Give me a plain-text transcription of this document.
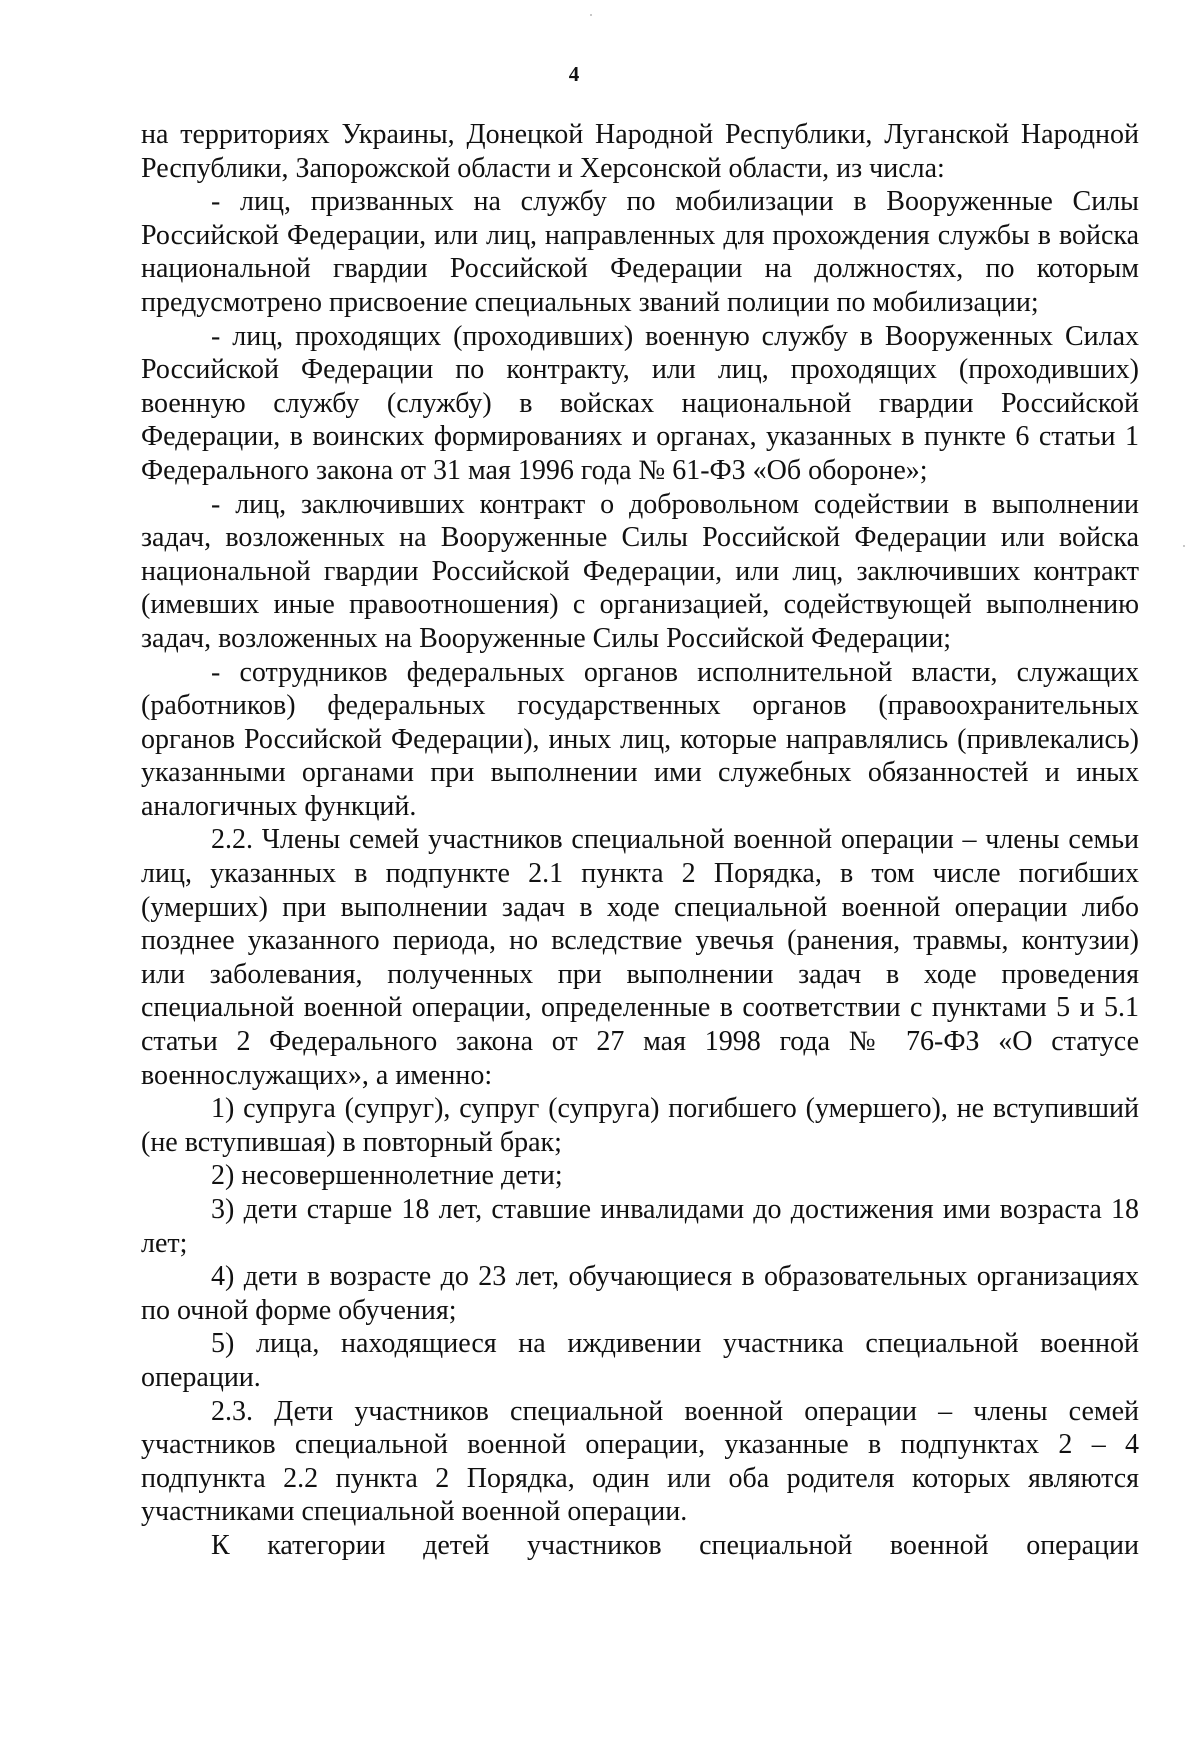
4

на территориях Украины, Донецкой Народной Республики, Луганской Народной Республики, Запорожской области и Херсонской области, из числа:

- лиц, призванных на службу по мобилизации в Вооруженные Силы Российской Федерации, или лиц, направленных для прохождения службы в войска национальной гвардии Российской Федерации на должностях, по которым предусмотрено присвоение специальных званий полиции по мобилизации;

- лиц, проходящих (проходивших) военную службу в Вооруженных Силах Российской Федерации по контракту, или лиц, проходящих (проходивших) военную службу (службу) в войсках национальной гвардии Российской Федерации, в воинских формированиях и органах, указанных в пункте 6 статьи 1 Федерального закона от 31 мая 1996 года № 61-ФЗ «Об обороне»;

- лиц, заключивших контракт о добровольном содействии в выполнении задач, возложенных на Вооруженные Силы Российской Федерации или войска национальной гвардии Российской Федерации, или лиц, заключивших контракт (имевших иные правоотношения) с организацией, содействующей выполнению задач, возложенных на Вооруженные Силы Российской Федерации;

- сотрудников федеральных органов исполнительной власти, служащих (работников) федеральных государственных органов (правоохранительных органов Российской Федерации), иных лиц, которые направлялись (привлекались) указанными органами при выполнении ими служебных обязанностей и иных аналогичных функций.

2.2. Члены семей участников специальной военной операции – члены семьи лиц, указанных в подпункте 2.1 пункта 2 Порядка, в том числе погибших (умерших) при выполнении задач в ходе специальной военной операции либо позднее указанного периода, но вследствие увечья (ранения, травмы, контузии) или заболевания, полученных при выполнении задач в ходе проведения специальной военной операции, определенные в соответствии с пунктами 5 и 5.1 статьи 2 Федерального закона от 27 мая 1998 года № 76-ФЗ «О статусе военнослужащих», а именно:

1) супруга (супруг), супруг (супруга) погибшего (умершего), не вступивший (не вступившая) в повторный брак;

2) несовершеннолетние дети;

3) дети старше 18 лет, ставшие инвалидами до достижения ими возраста 18 лет;

4) дети в возрасте до 23 лет, обучающиеся в образовательных организациях по очной форме обучения;

5) лица, находящиеся на иждивении участника специальной военной операции.

2.3. Дети участников специальной военной операции – члены семей участников специальной военной операции, указанные в подпунктах 2 – 4 подпункта 2.2 пункта 2 Порядка, один или оба родителя которых являются участниками специальной военной операции.

К категории детей участников специальной военной операции
